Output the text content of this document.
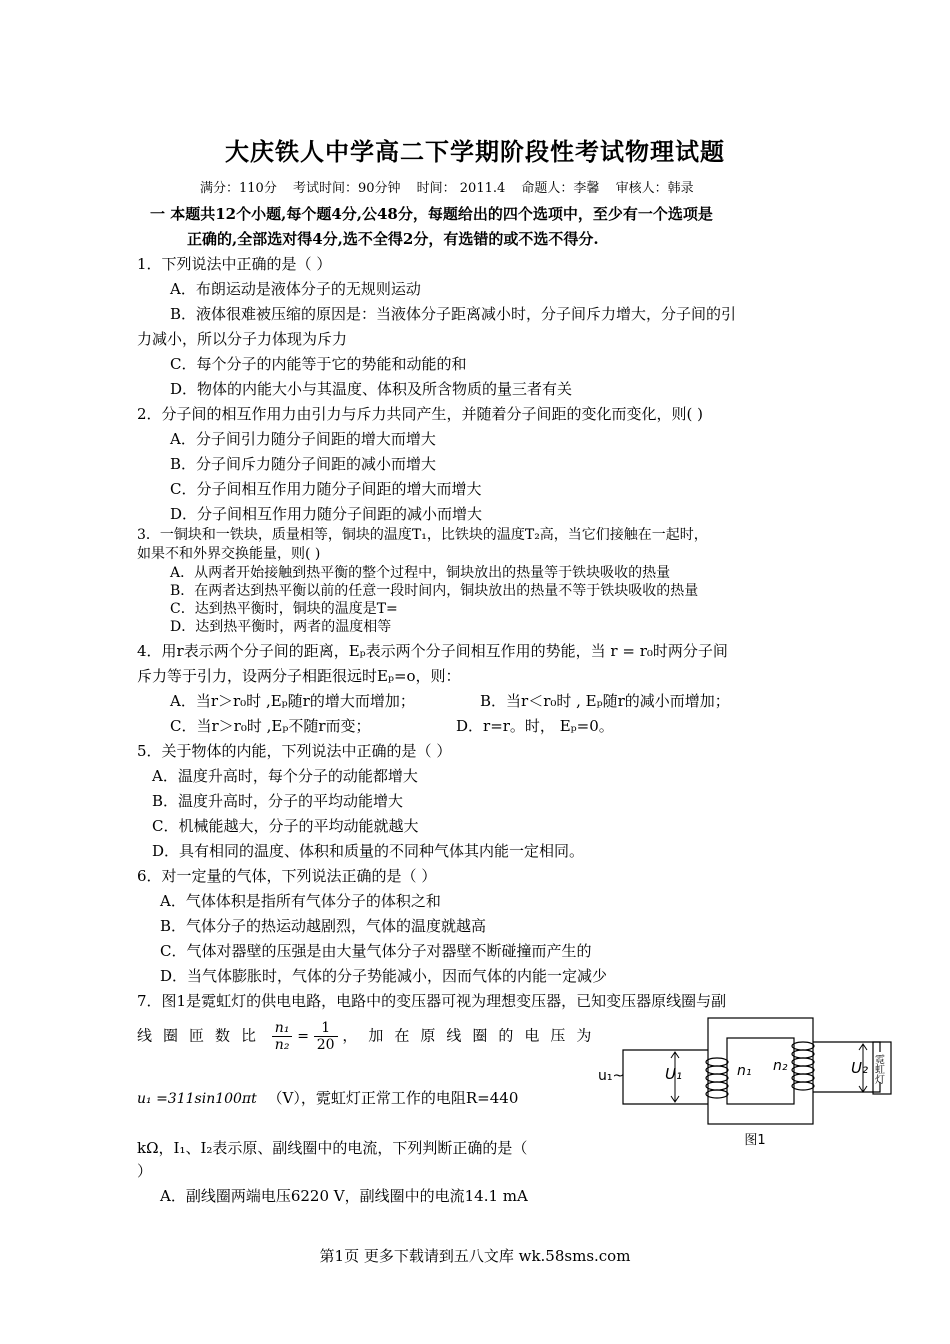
大庆铁人中学高二下学期阶段性考试物理试题
满分：110分 考试时间：90分钟 时间： 2011.4 命题人：李馨 审核人：韩录
一 本题共12个小题,每个题4分,公48分，每题给出的四个选项中，至少有一个选项是
正确的,全部选对得4分,选不全得2分，有选错的或不选不得分.
1．下列说法中正确的是（ ）
A．布朗运动是液体分子的无规则运动
B．液体很难被压缩的原因是：当液体分子距离减小时，分子间斥力增大，分子间的引
力减小，所以分子力体现为斥力
C．每个分子的内能等于它的势能和动能的和
D．物体的内能大小与其温度、体积及所含物质的量三者有关
2．分子间的相互作用力由引力与斥力共同产生，并随着分子间距的变化而变化，则( )
A．分子间引力随分子间距的增大而增大
B．分子间斥力随分子间距的减小而增大
C．分子间相互作用力随分子间距的增大而增大
D．分子间相互作用力随分子间距的减小而增大
3．一铜块和一铁块，质量相等，铜块的温度T₁，比铁块的温度T₂高，当它们接触在一起时，
如果不和外界交换能量，则( )
A．从两者开始接触到热平衡的整个过程中，铜块放出的热量等于铁块吸收的热量
B．在两者达到热平衡以前的任意一段时间内，铜块放出的热量不等于铁块吸收的热量
C．达到热平衡时，铜块的温度是T=
D．达到热平衡时，两者的温度相等
4．用r表示两个分子间的距离，Eₚ表示两个分子间相互作用的势能，当 r = r₀时两分子间
斥力等于引力，设两分子相距很远时Eₚ=o，则：
A．当r＞r₀时 ,Eₚ随r的增大而增加；	B．当r＜r₀时 , Eₚ随r的减小而增加；
C．当r＞r₀时 ,Eₚ不随r而变；	D．r=r。时， Eₚ=0。
5．关于物体的内能，下列说法中正确的是（ ）
A．温度升高时，每个分子的动能都增大
B．温度升高时，分子的平均动能增大
C．机械能越大，分子的平均动能就越大
D．具有相同的温度、体积和质量的不同种气体其内能一定相同。
6．对一定量的气体，下列说法正确的是（ ）
A．气体体积是指所有气体分子的体积之和
B．气体分子的热运动越剧烈，气体的温度就越高
C．气体对器壁的压强是由大量气体分子对器壁不断碰撞而产生的
D．当气体膨胀时，气体的分子势能减小，因而气体的内能一定减少
7．图1是霓虹灯的供电电路，电路中的变压器可视为理想变压器，已知变压器原线圈与副
线圈匝数比 $\frac{\text{n₁}}{\text{n₂}} = \frac{1}{20}$ ，加在原线圈的电压为
u₁ =311sin100πt （V），霓虹灯正常工作的电阻R=440
kΩ，I₁、I₂表示原、副线圈中的电流，下列判断正确的是（
）
A．副线圈两端电压6220 V，副线圈中的电流14.1 mA
u₁~	U₁	n₁ n₂	U₂ 霓虹灯
图1
第1页 更多下载请到五八文库 wk.58sms.com
